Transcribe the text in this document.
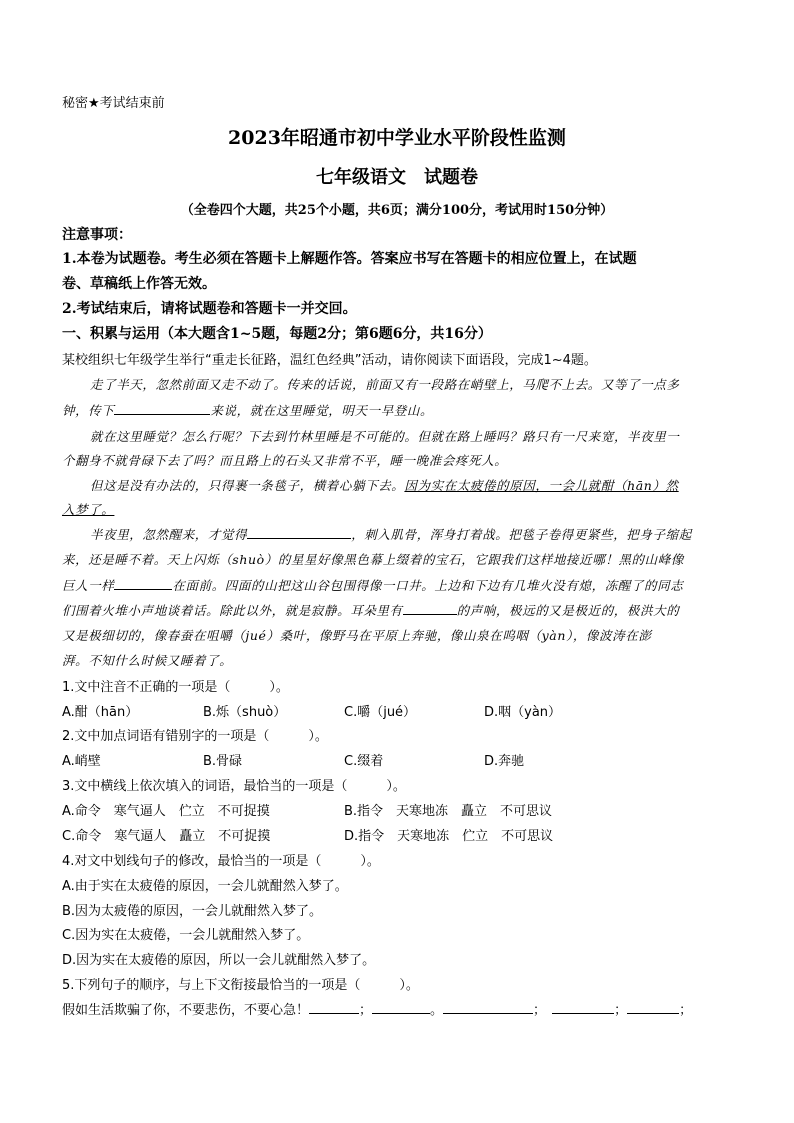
秘密★考试结束前
2023年昭通市初中学业水平阶段性监测
七年级语文　试题卷
（全卷四个大题，共25个小题，共6页；满分100分，考试用时150分钟）
注意事项：
1.本卷为试题卷。考生必须在答题卡上解题作答。答案应书写在答题卡的相应位置上，在试题
卷、草稿纸上作答无效。
2.考试结束后，请将试题卷和答题卡一并交回。
一、积累与运用（本大题含1~5题，每题2分；第6题6分，共16分）
某校组织七年级学生举行“重走长征路，温红色经典”活动，请你阅读下面语段，完成1~4题。
走了半天，忽然前面又走不动了。传来的话说，前面又有一段路在峭壁上，马爬不上去。又等了一点多
钟，传下	来说，就在这里睡觉，明天一早登山。
就在这里睡觉？怎么行呢？下去到竹林里睡是不可能的。但就在路上睡吗？路只有一尺来宽，半夜里一
个翻身不就骨碌下去了吗？而且路上的石头又非常不平，睡一晚准会疼死人。
但这是没有办法的，只得裹一条毯子，横着心躺下去。因为实在太疲倦的原因，一会儿就酣（hān）然
入梦了。
半夜里，忽然醒来，才觉得	，刺入肌骨，浑身打着战。把毯子卷得更紧些，把身子缩起
来，还是睡不着。天上闪烁（shuò）的星星好像黑色幕上缀着的宝石，它跟我们这样地接近哪！黑的山峰像
巨人一样	在面前。四面的山把这山谷包围得像一口井。上边和下边有几堆火没有熄，冻醒了的同志
们围着火堆小声地谈着话。除此以外，就是寂静。耳朵里有	的声响，极远的又是极近的，极洪大的
又是极细切的，像春蚕在咀嚼（jué）桑叶，像野马在平原上奔驰，像山泉在呜咽（yàn），像波涛在澎
湃。不知什么时候又睡着了。
1.文中注音不正确的一项是（　　　）。
A.酣（hān）	B.烁（shuò）	C.嚼（jué）	D.咽（yàn）
2.文中加点词语有错别字的一项是（　　　）。
A.峭壁	B.骨碌	C.缀着	D.奔驰
3.文中横线上依次填入的词语，最恰当的一项是（　　　）。
A.命令　寒气逼人　伫立　不可捉摸	B.指令　天寒地冻　矗立　不可思议
C.命令　寒气逼人　矗立　不可捉摸	D.指令　天寒地冻　伫立　不可思议
4.对文中划线句子的修改，最恰当的一项是（　　　）。
A.由于实在太疲倦的原因，一会儿就酣然入梦了。
B.因为太疲倦的原因，一会儿就酣然入梦了。
C.因为实在太疲倦，一会儿就酣然入梦了。
D.因为实在太疲倦的原因，所以一会儿就酣然入梦了。
5.下列句子的顺序，与上下文衔接最恰当的一项是（　　　）。
假如生活欺骗了你，不要悲伤，不要心急！	；	。	；	；	；
